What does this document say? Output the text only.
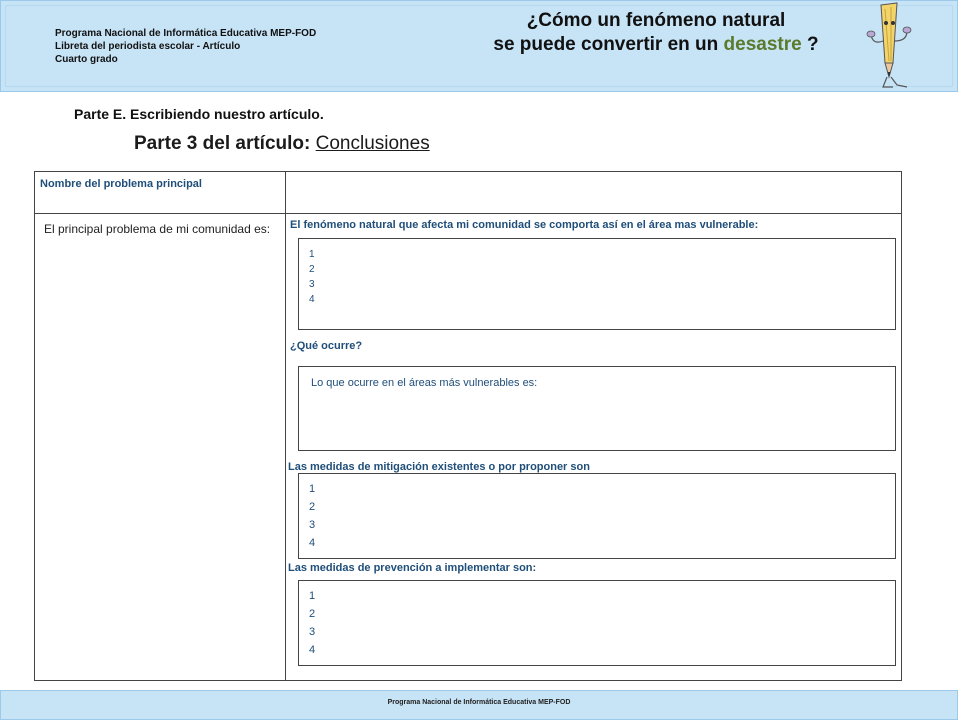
Programa Nacional de Informática Educativa MEP-FOD
Libreta del periodista escolar - Artículo
Cuarto grado
¿Cómo un fenómeno natural
se puede convertir en un desastre ?
Parte E. Escribiendo nuestro artículo.
Parte 3 del artículo: Conclusiones
Nombre del problema principal
El principal problema de mi comunidad es:	El fenómeno natural que afecta mi comunidad se comporta así en el área mas vulnerable:
1
2
3
4
¿Qué ocurre?
Lo que ocurre en el áreas más vulnerables es:
Las medidas de mitigación existentes o por proponer son
1
2
3
4
Las medidas de prevención a implementar son:
1
2
3
4
Programa Nacional de Informática Educativa MEP-FOD
